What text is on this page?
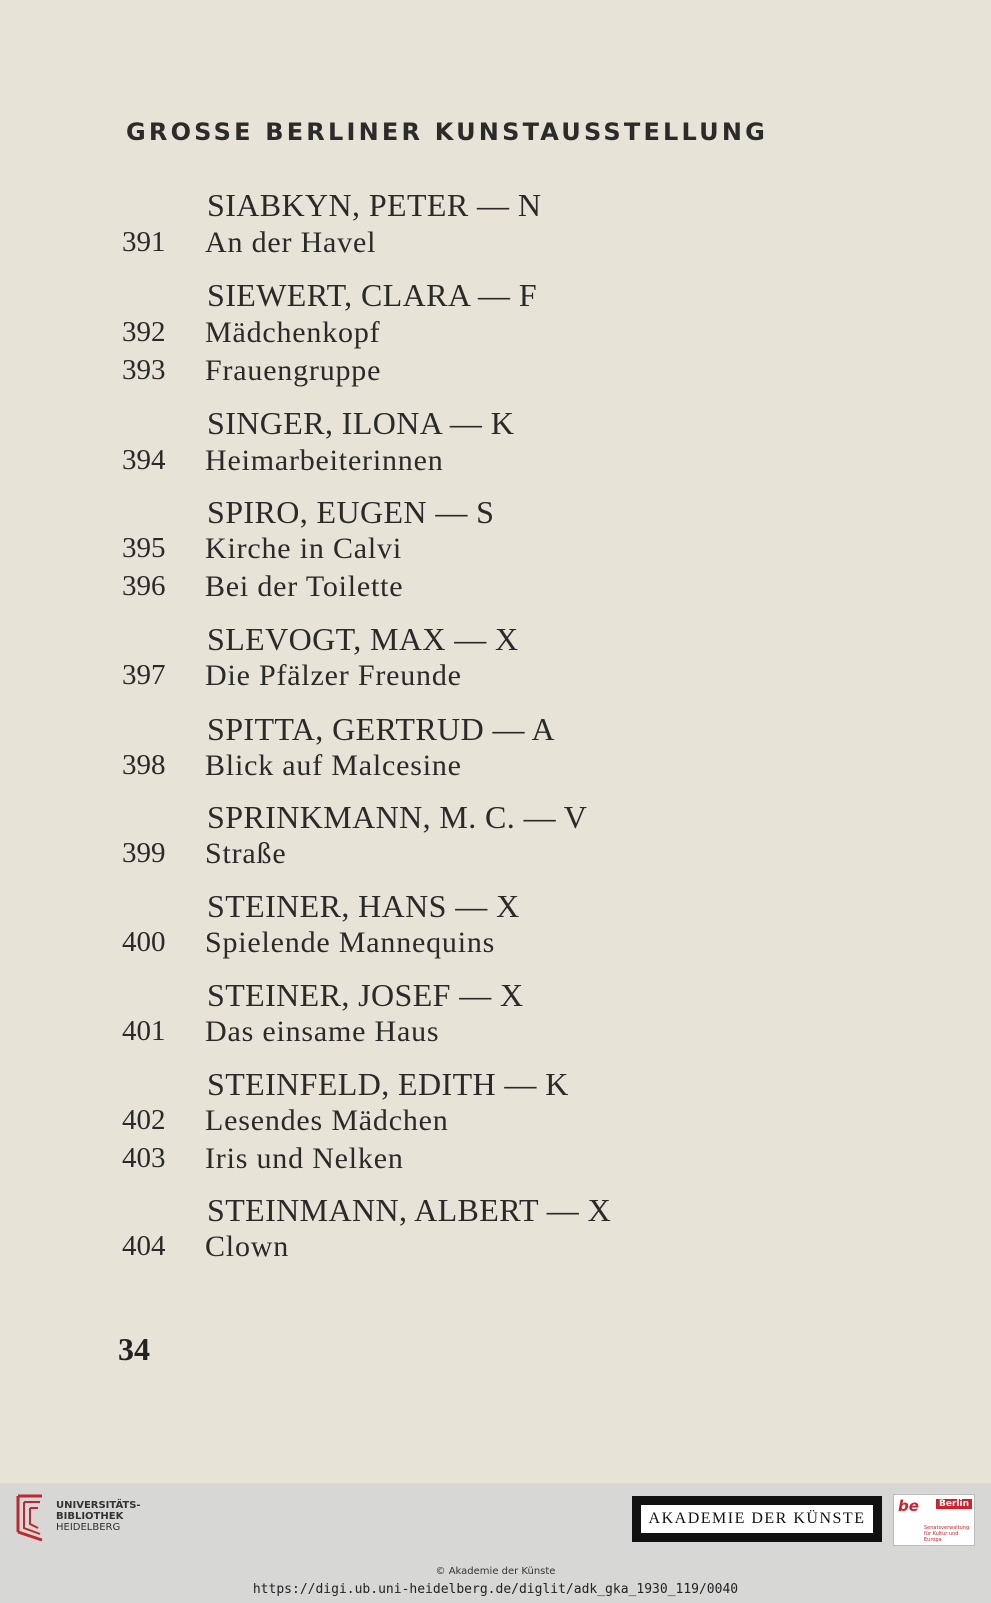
GROSSE BERLINER KUNSTAUSSTELLUNG
SIABKYN, PETER — N
391 An der Havel
SIEWERT, CLARA — F
392 Mädchenkopf
393 Frauengruppe
SINGER, ILONA — K
394 Heimarbeiterinnen
SPIRO, EUGEN — S
395 Kirche in Calvi
396 Bei der Toilette
SLEVOGT, MAX — X
397 Die Pfälzer Freunde
SPITTA, GERTRUD — A
398 Blick auf Malcesine
SPRINKMANN, M. C. — V
399 Straße
STEINER, HANS — X
400 Spielende Mannequins
STEINER, JOSEF — X
401 Das einsame Haus
STEINFELD, EDITH — K
402 Lesendes Mädchen
403 Iris und Nelken
STEINMANN, ALBERT — X
404 Clown
34
UNIVERSITÄTS-
BIBLIOTHEK
HEIDELBERG
AKADEMIE DER KÜNSTE
be	Berlin
Senatsverwaltung für Kultur und Europa
© Akademie der Künste
https://digi.ub.uni-heidelberg.de/diglit/adk_gka_1930_119/0040
